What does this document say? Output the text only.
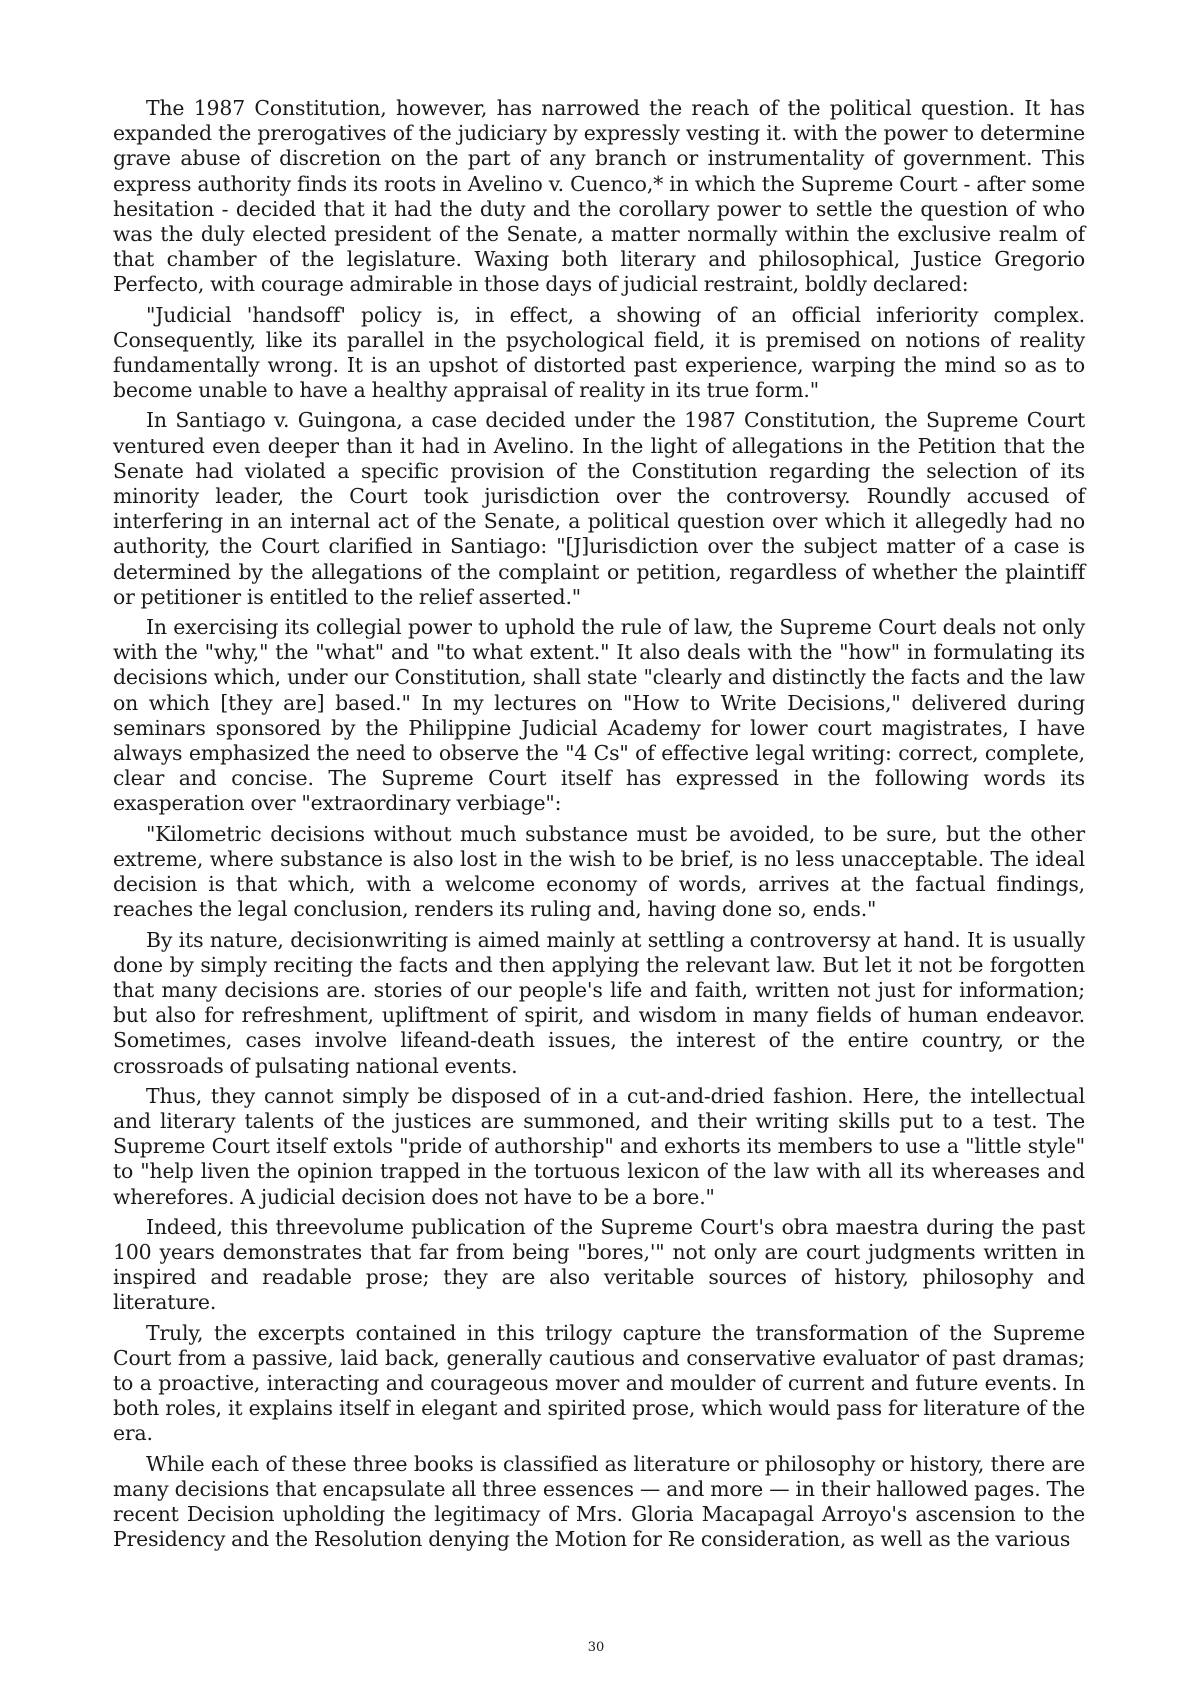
The 1987 Constitution, however, has narrowed the reach of the political question. It has expanded the prerogatives of the judiciary by expressly vesting it. with the power to determine grave abuse of discretion on the part of any branch or instrumentality of government. This express authority finds its roots in Avelino v. Cuenco,* in which the Supreme Court - after some hesitation - decided that it had the duty and the corollary power to settle the question of who was the duly elected president of the Senate, a matter normally within the exclusive realm of that chamber of the legislature. Waxing both literary and philosophical, Justice Gregorio Perfecto, with courage admirable in those days of judicial restraint, boldly declared:

"Judicial 'handsoff' policy is, in effect, a showing of an official inferiority complex. Consequently, like its parallel in the psychological field, it is premised on notions of reality fundamentally wrong. It is an upshot of distorted past experience, warping the mind so as to become unable to have a healthy appraisal of reality in its true form."

In Santiago v. Guingona, a case decided under the 1987 Constitution, the Supreme Court ventured even deeper than it had in Avelino. In the light of allegations in the Petition that the Senate had violated a specific provision of the Constitution regarding the selection of its minority leader, the Court took jurisdiction over the controversy. Roundly accused of interfering in an internal act of the Senate, a political question over which it allegedly had no authority, the Court clarified in Santiago: "[J]urisdiction over the subject matter of a case is determined by the allegations of the complaint or petition, regardless of whether the plaintiff or petitioner is entitled to the relief asserted."

In exercising its collegial power to uphold the rule of law, the Supreme Court deals not only with the "why," the "what" and "to what extent." It also deals with the "how" in formulating its decisions which, under our Constitution, shall state "clearly and distinctly the facts and the law on which [they are] based." In my lectures on "How to Write Decisions," delivered during seminars sponsored by the Philippine Judicial Academy for lower court magistrates, I have always emphasized the need to observe the "4 Cs" of effective legal writing: correct, complete, clear and concise. The Supreme Court itself has expressed in the following words its exasperation over "extraordinary verbiage":

"Kilometric decisions without much substance must be avoided, to be sure, but the other extreme, where substance is also lost in the wish to be brief, is no less unacceptable. The ideal decision is that which, with a welcome economy of words, arrives at the factual findings, reaches the legal conclusion, renders its ruling and, having done so, ends."

By its nature, decisionwriting is aimed mainly at settling a controversy at hand. It is usually done by simply reciting the facts and then applying the relevant law. But let it not be forgotten that many decisions are. stories of our people's life and faith, written not just for information; but also for refreshment, upliftment of spirit, and wisdom in many fields of human endeavor. Sometimes, cases involve lifeand-death issues, the interest of the entire country, or the crossroads of pulsating national events.

Thus, they cannot simply be disposed of in a cut-and-dried fashion. Here, the intellectual and literary talents of the justices are summoned, and their writing skills put to a test. The Supreme Court itself extols "pride of authorship" and exhorts its members to use a "little style" to "help liven the opinion trapped in the tortuous lexicon of the law with all its whereases and wherefores. A judicial decision does not have to be a bore."

Indeed, this threevolume publication of the Supreme Court's obra maestra during the past 100 years demonstrates that far from being "bores,'" not only are court judgments written in inspired and readable prose; they are also veritable sources of history, philosophy and literature.

Truly, the excerpts contained in this trilogy capture the transformation of the Supreme Court from a passive, laid back, generally cautious and conservative evaluator of past dramas; to a proactive, interacting and courageous mover and moulder of current and future events. In both roles, it explains itself in elegant and spirited prose, which would pass for literature of the era.

While each of these three books is classified as literature or philosophy or history, there are many decisions that encapsulate all three essences — and more — in their hallowed pages. The recent Decision upholding the legitimacy of Mrs. Gloria Macapagal Arroyo's ascension to the Presidency and the Resolution denying the Motion for Re consideration, as well as the various

30
